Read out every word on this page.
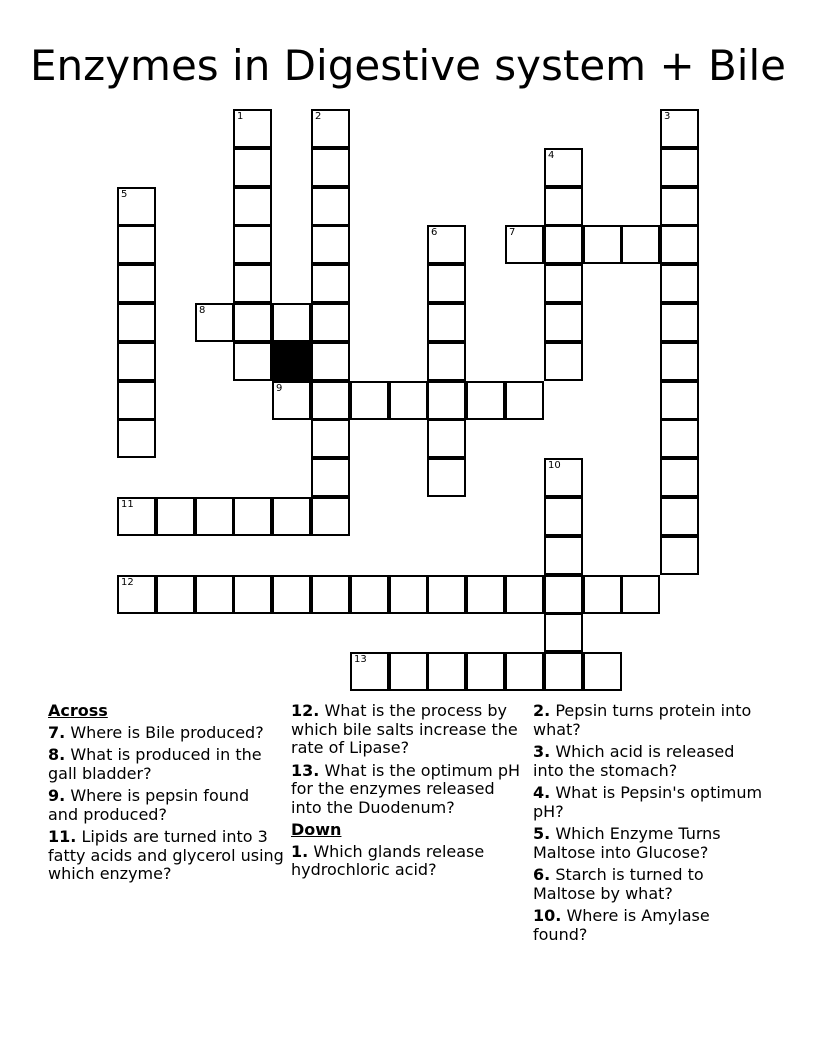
Enzymes in Digestive system + Bile
1	2	3
4
5
6	7
8
9
10
11
12
13
Across
7. Where is Bile produced?
8. What is produced in the gall bladder?
9. Where is pepsin found and produced?
11. Lipids are turned into 3 fatty acids and glycerol using which enzyme?
12. What is the process by which bile salts increase the rate of Lipase?
13. What is the optimum pH for the enzymes released into the Duodenum?
Down
1. Which glands release hydrochloric acid?
2. Pepsin turns protein into what?
3. Which acid is released into the stomach?
4. What is Pepsin's optimum pH?
5. Which Enzyme Turns Maltose into Glucose?
6. Starch is turned to Maltose by what?
10. Where is Amylase found?
